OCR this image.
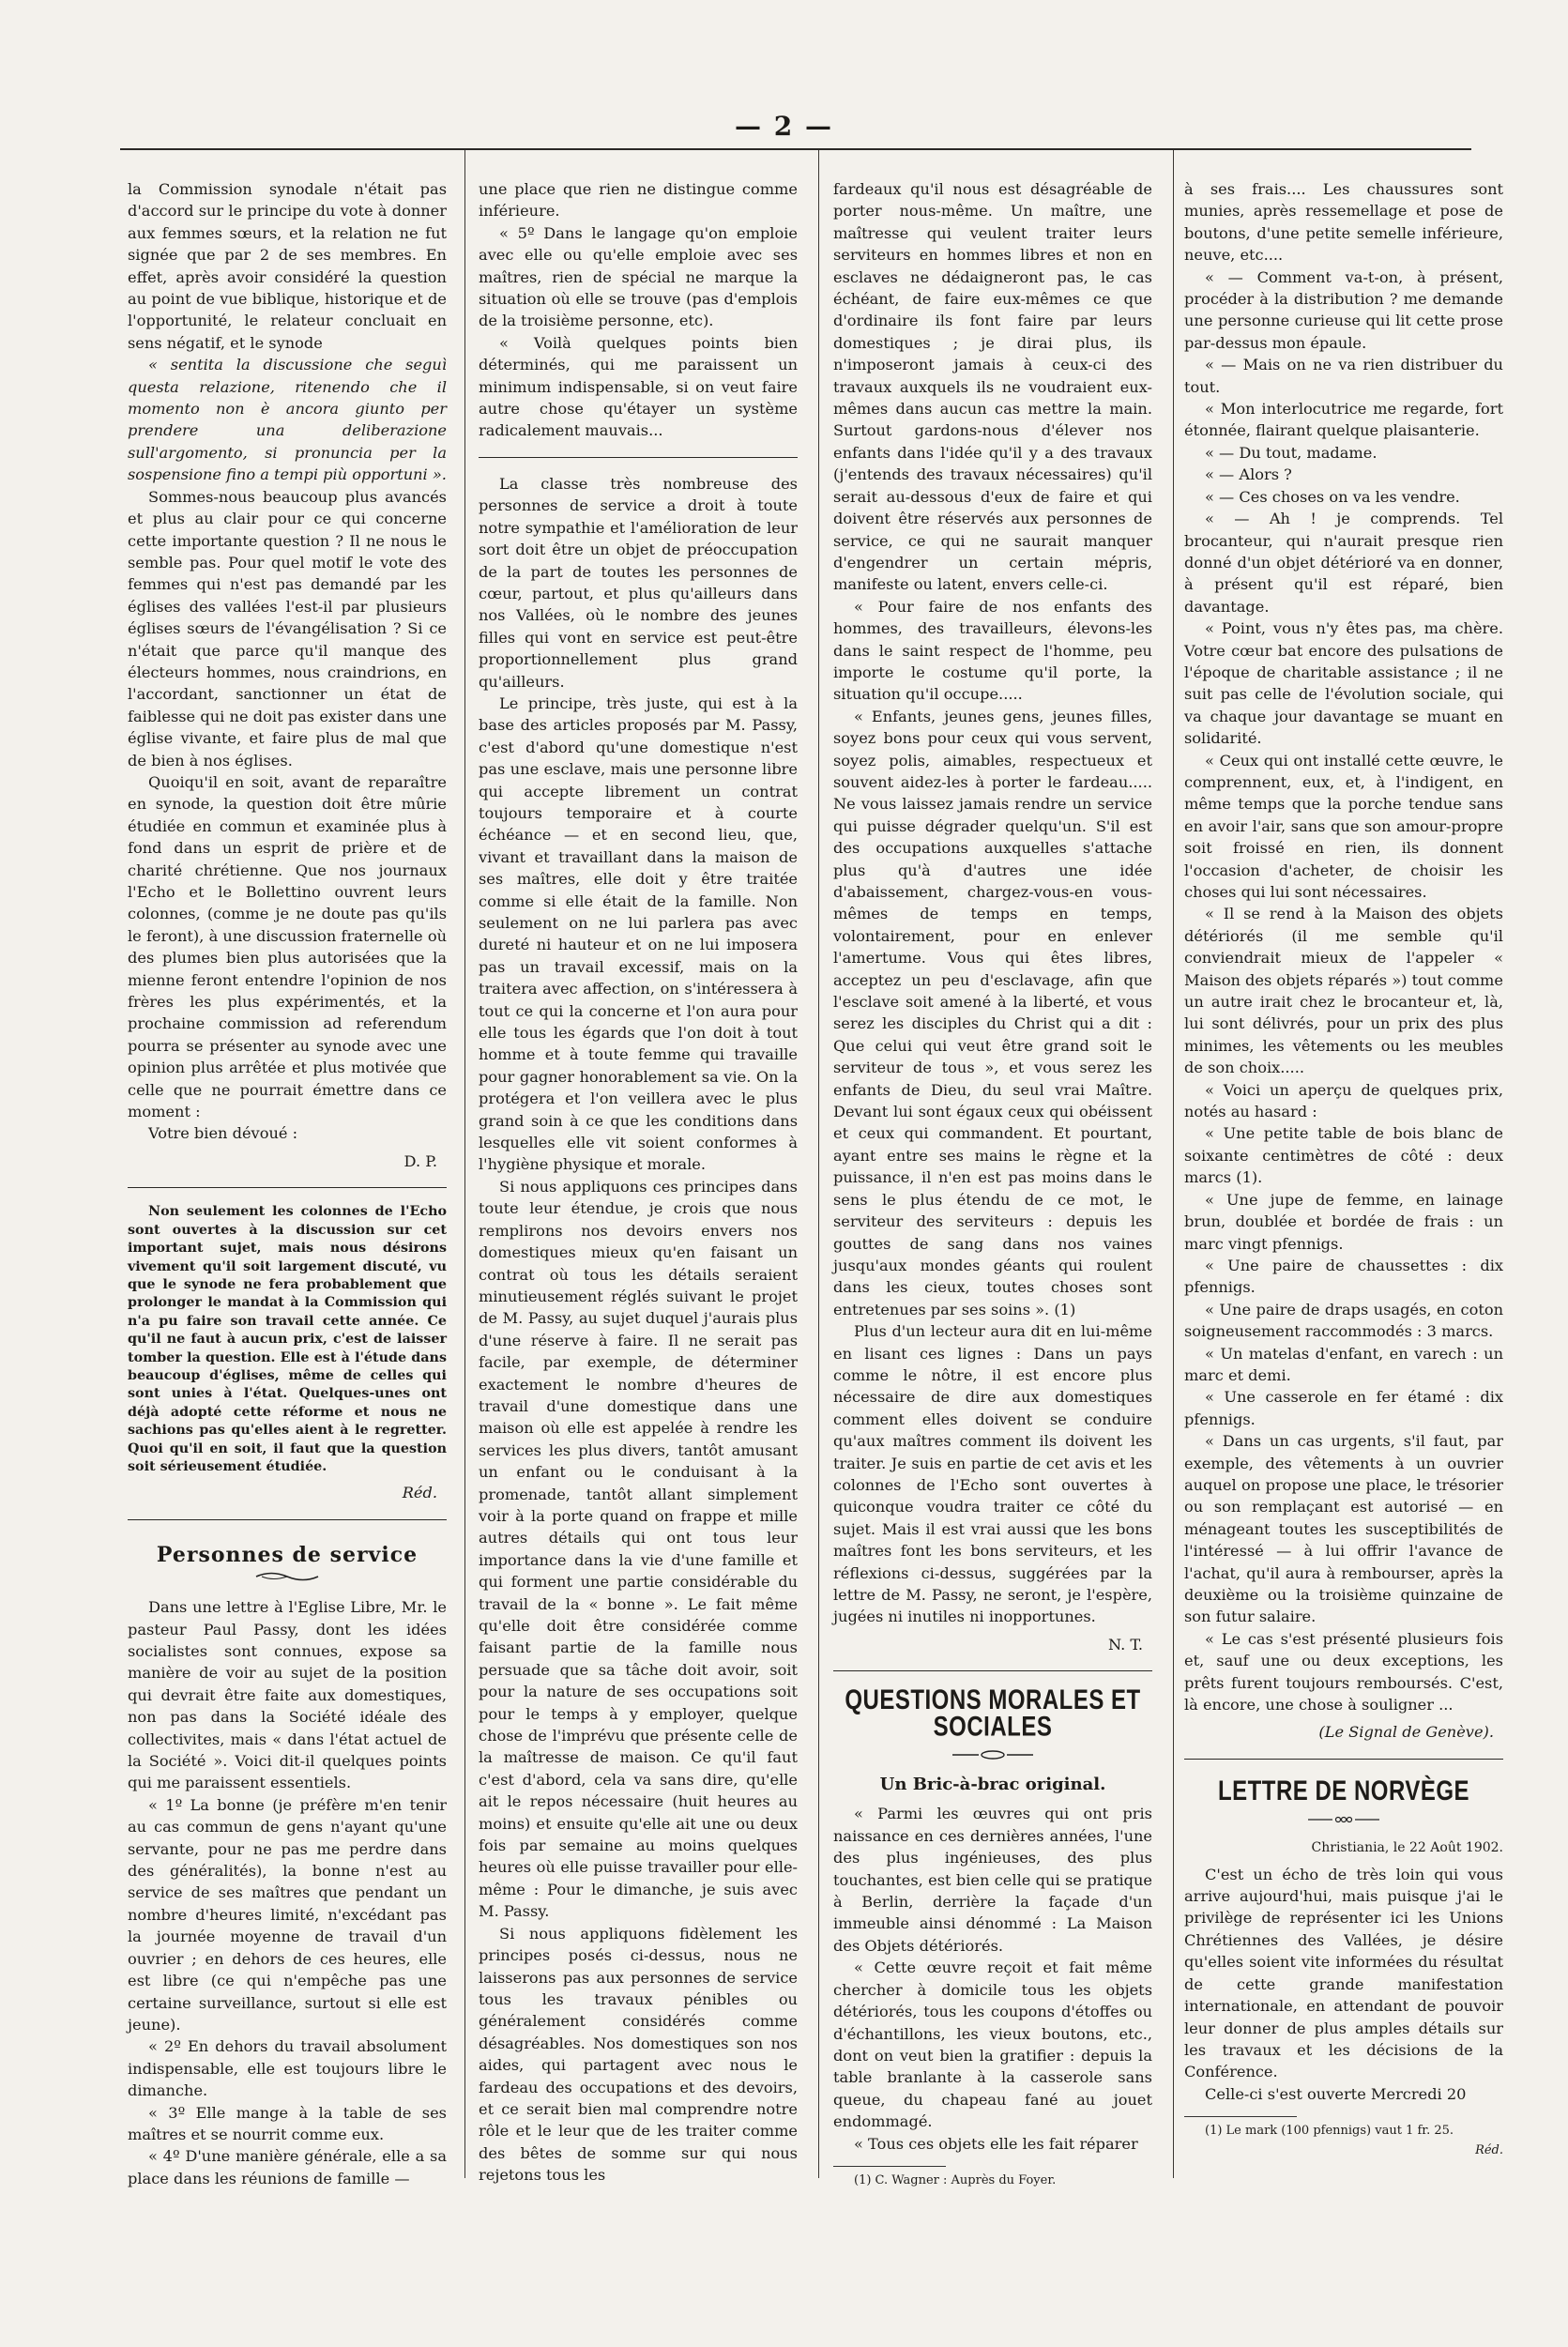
— 2 —

la Commission synodale n'était pas d'accord sur le principe du vote à donner aux femmes sœurs, et la relation ne fut signée que par 2 de ses membres. En effet, après avoir considéré la question au point de vue biblique, historique et de l'opportunité, le relateur concluait en sens négatif, et le synode

« sentita la discussione che seguì questa relazione, ritenendo che il momento non è ancora giunto per prendere una deliberazione sull'argomento, si pronuncia per la sospensione fino a tempi più opportuni ».

Sommes-nous beaucoup plus avancés et plus au clair pour ce qui concerne cette importante question ? Il ne nous le semble pas. Pour quel motif le vote des femmes qui n'est pas demandé par les églises des vallées l'est-il par plusieurs églises sœurs de l'évangélisation ? Si ce n'était que parce qu'il manque des électeurs hommes, nous craindrions, en l'accordant, sanctionner un état de faiblesse qui ne doit pas exister dans une église vivante, et faire plus de mal que de bien à nos églises.

Quoiqu'il en soit, avant de reparaître en synode, la question doit être mûrie étudiée en commun et examinée plus à fond dans un esprit de prière et de charité chrétienne. Que nos journaux l'Echo et le Bollettino ouvrent leurs colonnes, (comme je ne doute pas qu'ils le feront), à une discussion fraternelle où des plumes bien plus autorisées que la mienne feront entendre l'opinion de nos frères les plus expérimentés, et la prochaine commission ad referendum pourra se présenter au synode avec une opinion plus arrêtée et plus motivée que celle que ne pourrait émettre dans ce moment :

Votre bien dévoué :

D. P.

Non seulement les colonnes de l'Echo sont ouvertes à la discussion sur cet important sujet, mais nous désirons vivement qu'il soit largement discuté, vu que le synode ne fera probablement que prolonger le mandat à la Commission qui n'a pu faire son travail cette année. Ce qu'il ne faut à aucun prix, c'est de laisser tomber la question. Elle est à l'étude dans beaucoup d'églises, même de celles qui sont unies à l'état. Quelques-unes ont déjà adopté cette réforme et nous ne sachions pas qu'elles aient à le regretter. Quoi qu'il en soit, il faut que la question soit sérieusement étudiée.

Réd.
Personnes de service

Dans une lettre à l'Eglise Libre, Mr. le pasteur Paul Passy, dont les idées socialistes sont connues, expose sa manière de voir au sujet de la position qui devrait être faite aux domestiques, non pas dans la Société idéale des collectivites, mais « dans l'état actuel de la Société ». Voici dit-il quelques points qui me paraissent essentiels.

« 1º La bonne (je préfère m'en tenir au cas commun de gens n'ayant qu'une servante, pour ne pas me perdre dans des généralités), la bonne n'est au service de ses maîtres que pendant un nombre d'heures limité, n'excédant pas la journée moyenne de travail d'un ouvrier ; en dehors de ces heures, elle est libre (ce qui n'empêche pas une certaine surveillance, surtout si elle est jeune).

« 2º En dehors du travail absolument indispensable, elle est toujours libre le dimanche.

« 3º Elle mange à la table de ses maîtres et se nourrit comme eux.

« 4º D'une manière générale, elle a sa place dans les réunions de famille —

une place que rien ne distingue comme inférieure.

« 5º Dans le langage qu'on emploie avec elle ou qu'elle emploie avec ses maîtres, rien de spécial ne marque la situation où elle se trouve (pas d'emplois de la troisième personne, etc).

« Voilà quelques points bien déterminés, qui me paraissent un minimum indispensable, si on veut faire autre chose qu'étayer un système radicalement mauvais...

La classe très nombreuse des personnes de service a droit à toute notre sympathie et l'amélioration de leur sort doit être un objet de préoccupation de la part de toutes les personnes de cœur, partout, et plus qu'ailleurs dans nos Vallées, où le nombre des jeunes filles qui vont en service est peut-être proportionnellement plus grand qu'ailleurs.

Le principe, très juste, qui est à la base des articles proposés par M. Passy, c'est d'abord qu'une domestique n'est pas une esclave, mais une personne libre qui accepte librement un contrat toujours temporaire et à courte échéance — et en second lieu, que, vivant et travaillant dans la maison de ses maîtres, elle doit y être traitée comme si elle était de la famille. Non seulement on ne lui parlera pas avec dureté ni hauteur et on ne lui imposera pas un travail excessif, mais on la traitera avec affection, on s'intéressera à tout ce qui la concerne et l'on aura pour elle tous les égards que l'on doit à tout homme et à toute femme qui travaille pour gagner honorablement sa vie. On la protégera et l'on veillera avec le plus grand soin à ce que les conditions dans lesquelles elle vit soient conformes à l'hygiène physique et morale.

Si nous appliquons ces principes dans toute leur étendue, je crois que nous remplirons nos devoirs envers nos domestiques mieux qu'en faisant un contrat où tous les détails seraient minutieusement réglés suivant le projet de M. Passy, au sujet duquel j'aurais plus d'une réserve à faire. Il ne serait pas facile, par exemple, de déterminer exactement le nombre d'heures de travail d'une domestique dans une maison où elle est appelée à rendre les services les plus divers, tantôt amusant un enfant ou le conduisant à la promenade, tantôt allant simplement voir à la porte quand on frappe et mille autres détails qui ont tous leur importance dans la vie d'une famille et qui forment une partie considérable du travail de la « bonne ». Le fait même qu'elle doit être considérée comme faisant partie de la famille nous persuade que sa tâche doit avoir, soit pour la nature de ses occupations soit pour le temps à y employer, quelque chose de l'imprévu que présente celle de la maîtresse de maison. Ce qu'il faut c'est d'abord, cela va sans dire, qu'elle ait le repos nécessaire (huit heures au moins) et ensuite qu'elle ait une ou deux fois par semaine au moins quelques heures où elle puisse travailler pour elle-même : Pour le dimanche, je suis avec M. Passy.

Si nous appliquons fidèlement les principes posés ci-dessus, nous ne laisserons pas aux personnes de service tous les travaux pénibles ou généralement considérés comme désagréables. Nos domestiques son nos aides, qui partagent avec nous le fardeau des occupations et des devoirs, et ce serait bien mal comprendre notre rôle et le leur que de les traiter comme des bêtes de somme sur qui nous rejetons tous les

fardeaux qu'il nous est désagréable de porter nous-même. Un maître, une maîtresse qui veulent traiter leurs serviteurs en hommes libres et non en esclaves ne dédaigneront pas, le cas échéant, de faire eux-mêmes ce que d'ordinaire ils font faire par leurs domestiques ; je dirai plus, ils n'imposeront jamais à ceux-ci des travaux auxquels ils ne voudraient eux-mêmes dans aucun cas mettre la main. Surtout gardons-nous d'élever nos enfants dans l'idée qu'il y a des travaux (j'entends des travaux nécessaires) qu'il serait au-dessous d'eux de faire et qui doivent être réservés aux personnes de service, ce qui ne saurait manquer d'engendrer un certain mépris, manifeste ou latent, envers celle-ci.

« Pour faire de nos enfants des hommes, des travailleurs, élevons-les dans le saint respect de l'homme, peu importe le costume qu'il porte, la situation qu'il occupe.....

« Enfants, jeunes gens, jeunes filles, soyez bons pour ceux qui vous servent, soyez polis, aimables, respectueux et souvent aidez-les à porter le fardeau..... Ne vous laissez jamais rendre un service qui puisse dégrader quelqu'un. S'il est des occupations auxquelles s'attache plus qu'à d'autres une idée d'abaissement, chargez-vous-en vous-mêmes de temps en temps, volontairement, pour en enlever l'amertume. Vous qui êtes libres, acceptez un peu d'esclavage, afin que l'esclave soit amené à la liberté, et vous serez les disciples du Christ qui a dit : Que celui qui veut être grand soit le serviteur de tous », et vous serez les enfants de Dieu, du seul vrai Maître. Devant lui sont égaux ceux qui obéissent et ceux qui commandent. Et pourtant, ayant entre ses mains le règne et la puissance, il n'en est pas moins dans le sens le plus étendu de ce mot, le serviteur des serviteurs : depuis les gouttes de sang dans nos vaines jusqu'aux mondes géants qui roulent dans les cieux, toutes choses sont entretenues par ses soins ». (1)

Plus d'un lecteur aura dit en lui-même en lisant ces lignes : Dans un pays comme le nôtre, il est encore plus nécessaire de dire aux domestiques comment elles doivent se conduire qu'aux maîtres comment ils doivent les traiter. Je suis en partie de cet avis et les colonnes de l'Echo sont ouvertes à quiconque voudra traiter ce côté du sujet. Mais il est vrai aussi que les bons maîtres font les bons serviteurs, et les réflexions ci-dessus, suggérées par la lettre de M. Passy, ne seront, je l'espère, jugées ni inutiles ni inopportunes.

N. T.
QUESTIONS MORALES ET SOCIALES
Un Bric-à-brac original.

« Parmi les œuvres qui ont pris naissance en ces dernières années, l'une des plus ingénieuses, des plus touchantes, est bien celle qui se pratique à Berlin, derrière la façade d'un immeuble ainsi dénommé : La Maison des Objets détériorés.

« Cette œuvre reçoit et fait même chercher à domicile tous les objets détériorés, tous les coupons d'étoffes ou d'échantillons, les vieux boutons, etc., dont on veut bien la gratifier : depuis la table branlante à la casserole sans queue, du chapeau fané au jouet endommagé.

« Tous ces objets elle les fait réparer

(1) C. Wagner : Auprès du Foyer.

à ses frais.... Les chaussures sont munies, après ressemellage et pose de boutons, d'une petite semelle inférieure, neuve, etc....

« — Comment va-t-on, à présent, procéder à la distribution ? me demande une personne curieuse qui lit cette prose par-dessus mon épaule.

« — Mais on ne va rien distribuer du tout.

« Mon interlocutrice me regarde, fort étonnée, flairant quelque plaisanterie.

« — Du tout, madame.

« — Alors ?

« — Ces choses on va les vendre.

« — Ah ! je comprends. Tel brocanteur, qui n'aurait presque rien donné d'un objet détérioré va en donner, à présent qu'il est réparé, bien davantage.

« Point, vous n'y êtes pas, ma chère. Votre cœur bat encore des pulsations de l'époque de charitable assistance ; il ne suit pas celle de l'évolution sociale, qui va chaque jour davantage se muant en solidarité.

« Ceux qui ont installé cette œuvre, le comprennent, eux, et, à l'indigent, en même temps que la porche tendue sans en avoir l'air, sans que son amour-propre soit froissé en rien, ils donnent l'occasion d'acheter, de choisir les choses qui lui sont nécessaires.

« Il se rend à la Maison des objets détériorés (il me semble qu'il conviendrait mieux de l'appeler « Maison des objets réparés ») tout comme un autre irait chez le brocanteur et, là, lui sont délivrés, pour un prix des plus minimes, les vêtements ou les meubles de son choix.....

« Voici un aperçu de quelques prix, notés au hasard :

« Une petite table de bois blanc de soixante centimètres de côté : deux marcs (1).

« Une jupe de femme, en lainage brun, doublée et bordée de frais : un marc vingt pfennigs.

« Une paire de chaussettes : dix pfennigs.

« Une paire de draps usagés, en coton soigneusement raccommodés : 3 marcs.

« Un matelas d'enfant, en varech : un marc et demi.

« Une casserole en fer étamé : dix pfennigs.

« Dans un cas urgents, s'il faut, par exemple, des vêtements à un ouvrier auquel on propose une place, le trésorier ou son remplaçant est autorisé — en ménageant toutes les susceptibilités de l'intéressé — à lui offrir l'avance de l'achat, qu'il aura à rembourser, après la deuxième ou la troisième quinzaine de son futur salaire.

« Le cas s'est présenté plusieurs fois et, sauf une ou deux exceptions, les prêts furent toujours remboursés. C'est, là encore, une chose à souligner ...

(Le Signal de Genève).
LETTRE DE NORVÈGE
Christiania, le 22 Août 1902.

C'est un écho de très loin qui vous arrive aujourd'hui, mais puisque j'ai le privilège de représenter ici les Unions Chrétiennes des Vallées, je désire qu'elles soient vite informées du résultat de cette grande manifestation internationale, en attendant de pouvoir leur donner de plus amples détails sur les travaux et les décisions de la Conférence.

Celle-ci s'est ouverte Mercredi 20

(1) Le mark (100 pfennigs) vaut 1 fr. 25.

Réd.
